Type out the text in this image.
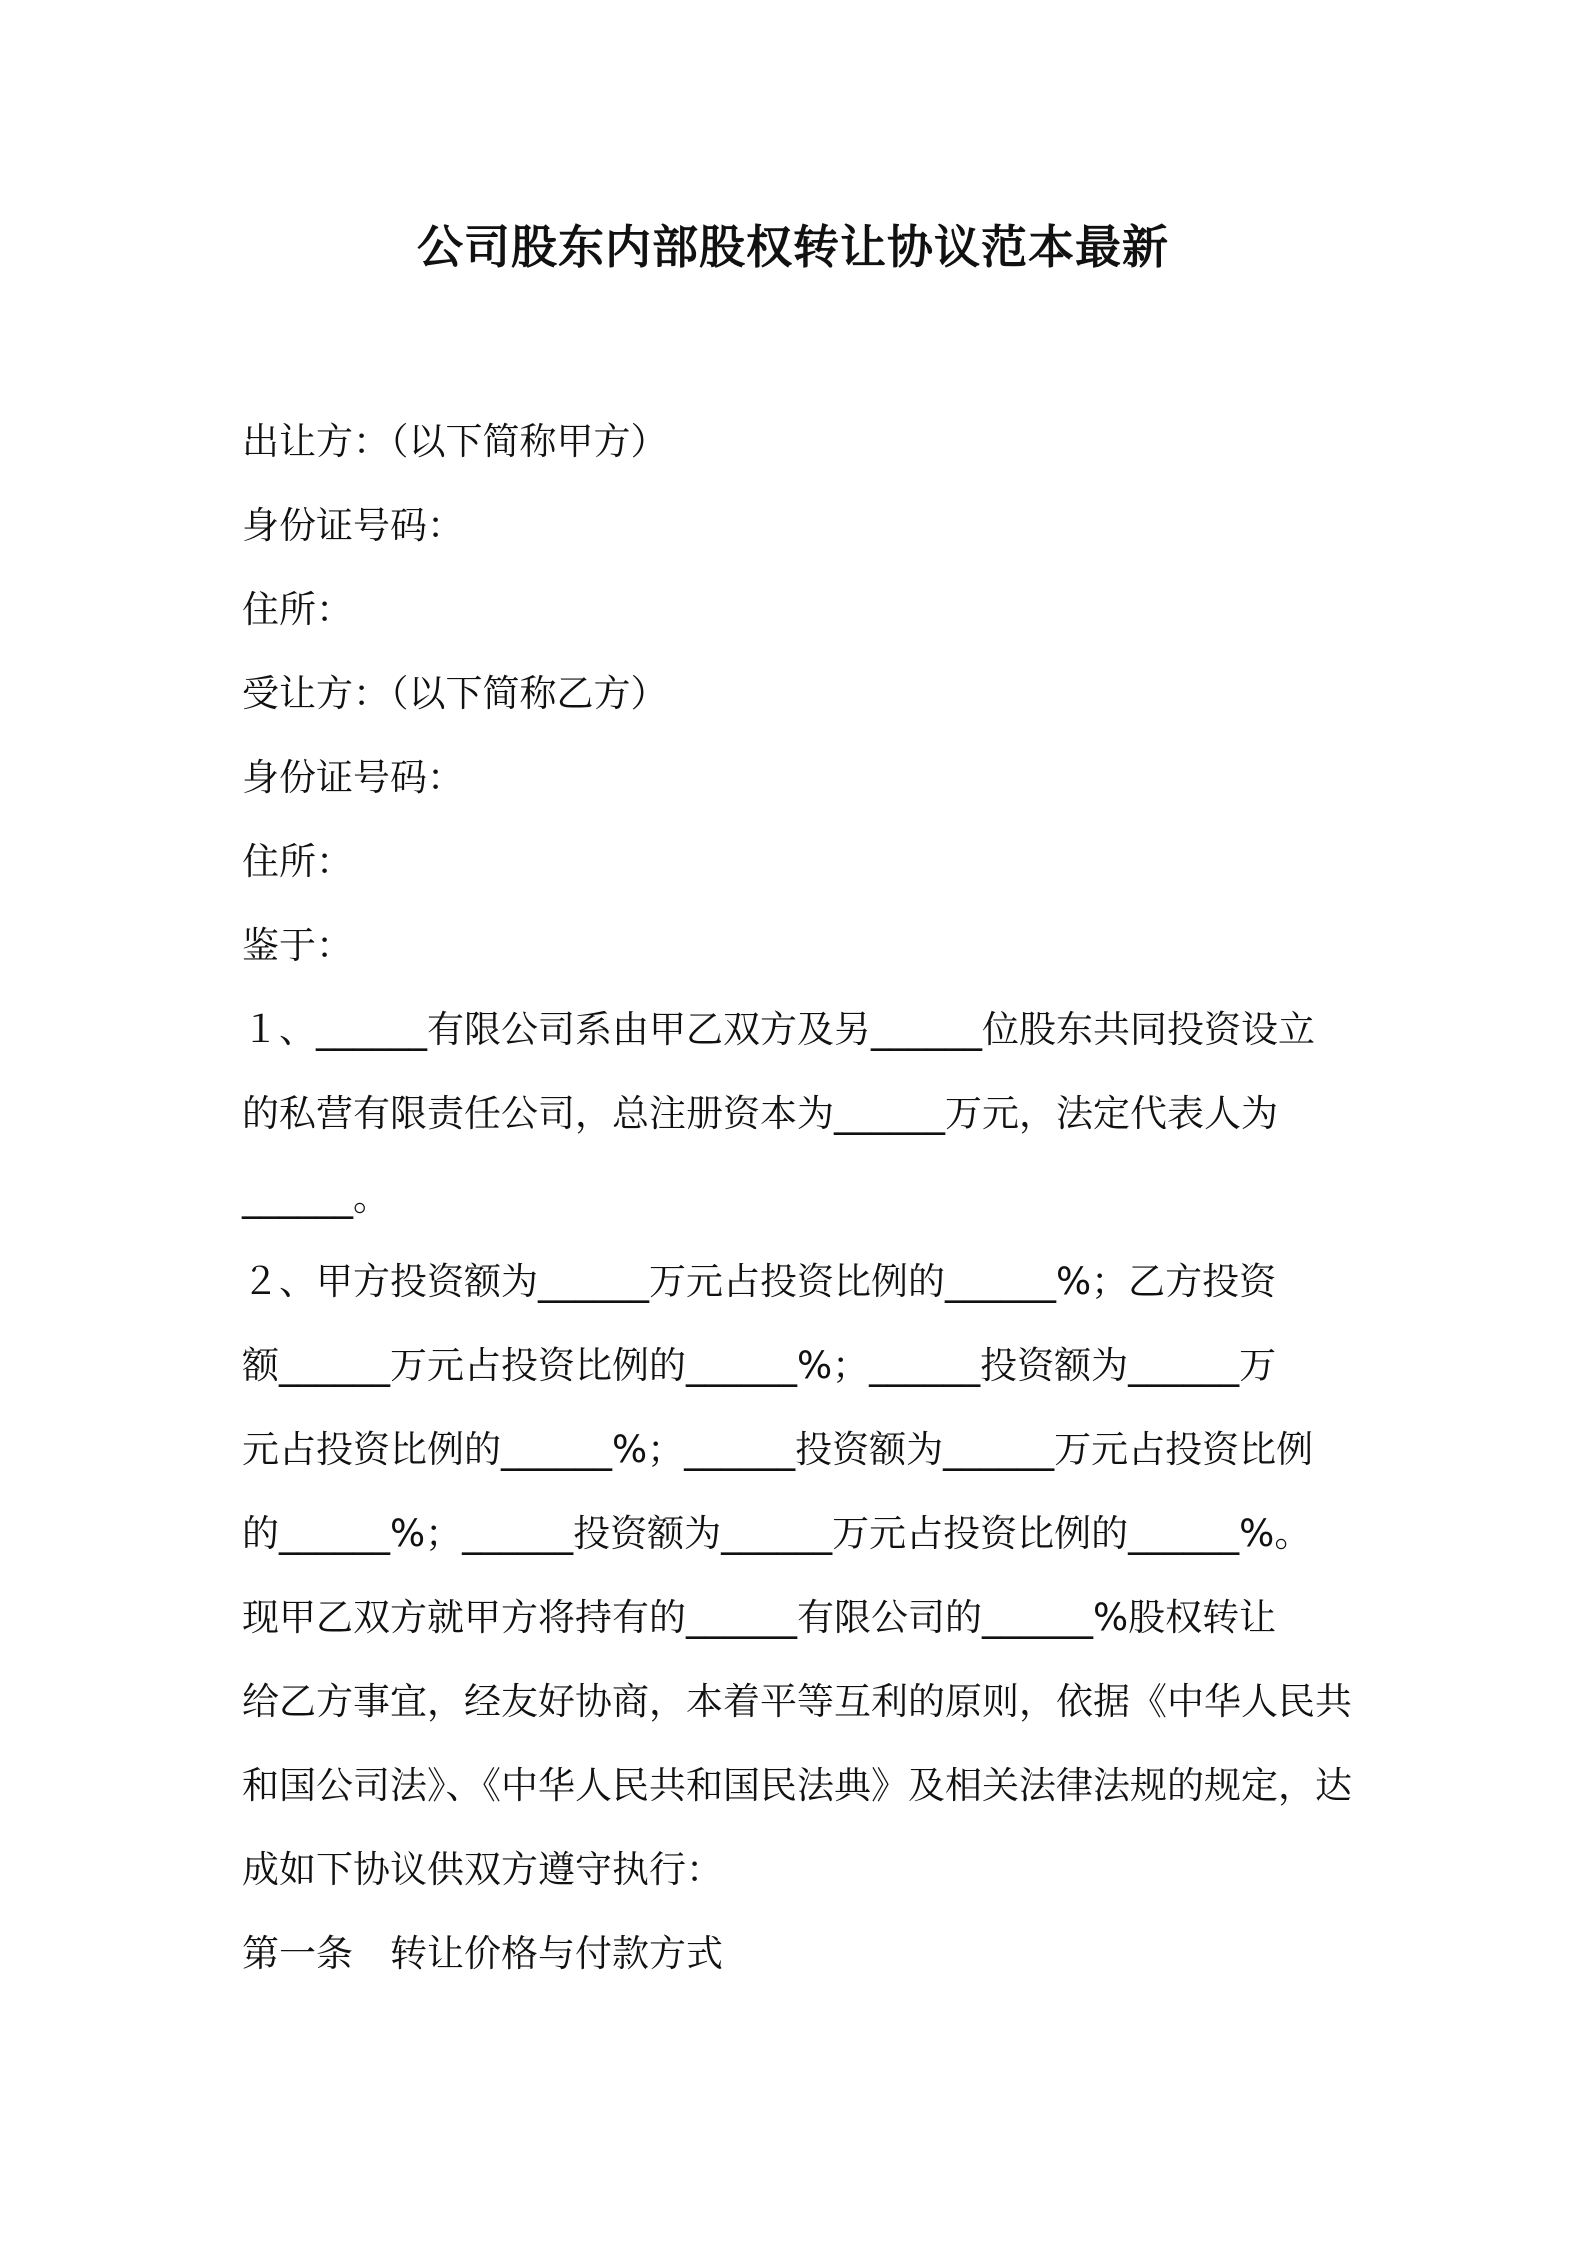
公司股东内部股权转让协议范本最新

出让方：（以下简称甲方）

身份证号码：

住所：

受让方：（以下简称乙方）

身份证号码：

住所：

鉴于：

１、______有限公司系由甲乙双方及另______位股东共同投资设立

的私营有限责任公司，总注册资本为______万元，法定代表人为

______。

２、甲方投资额为______万元占投资比例的______%；乙方投资

额______万元占投资比例的______%；______投资额为______万

元占投资比例的______%；______投资额为______万元占投资比例

的______%；______投资额为______万元占投资比例的______%。

现甲乙双方就甲方将持有的______有限公司的______%股权转让

给乙方事宜，经友好协商，本着平等互利的原则，依据《中华人民共

和国公司法》、《中华人民共和国民法典》及相关法律法规的规定，达

成如下协议供双方遵守执行：

第一条　转让价格与付款方式
